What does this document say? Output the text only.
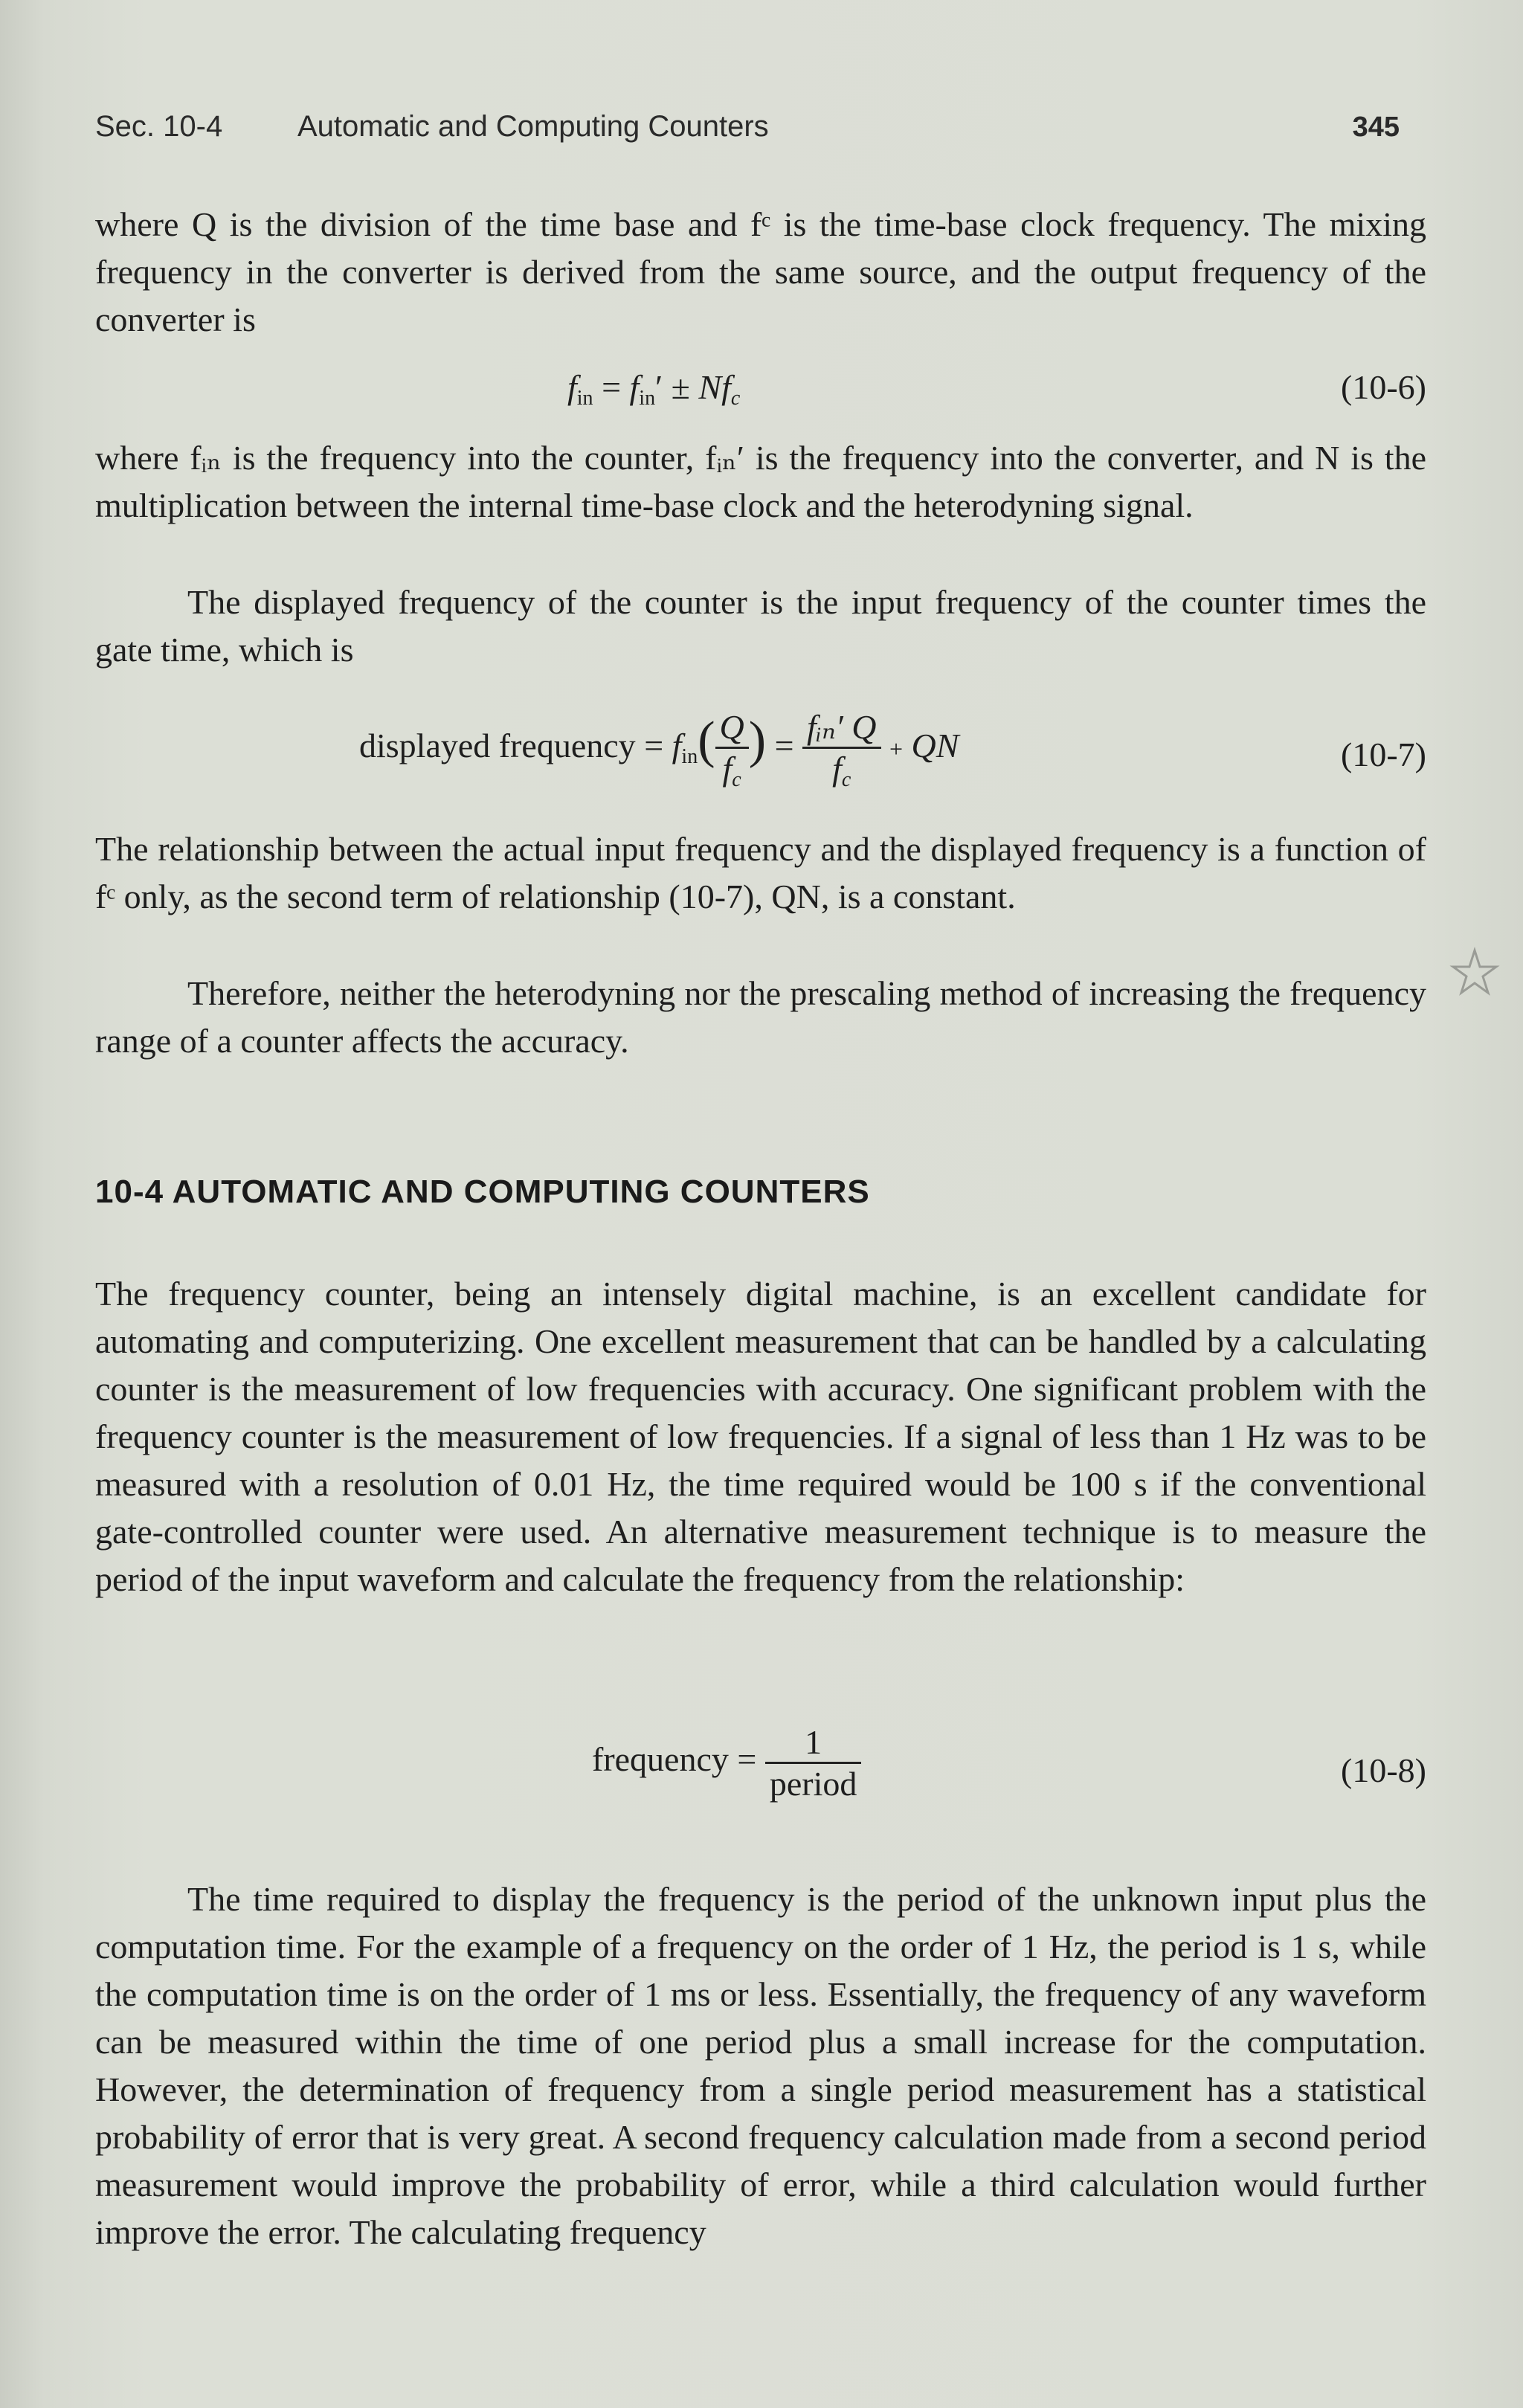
Sec. 10-4	Automatic and Computing Counters	345

where Q is the division of the time base and fᶜ is the time-base clock frequency. The mixing frequency in the converter is derived from the same source, and the output frequency of the converter is

$f_{in} = f_{in}' \pm Nf_c$	(10-6)

where fᵢₙ is the frequency into the counter, fᵢₙ′ is the frequency into the converter, and N is the multiplication between the internal time-base clock and the heterodyning signal.

The displayed frequency of the counter is the input frequency of the counter times the gate time, which is

displayed frequency = $f_{in}( \frac{Q}{f_c}$ ) = $\frac{\text{fᵢₙ′ Q}}{f_c}$ + QN	(10-7)

The relationship between the actual input frequency and the displayed frequency is a function of fᶜ only, as the second term of relationship (10-7), QN, is a constant.

Therefore, neither the heterodyning nor the prescaling method of increasing the frequency range of a counter affects the accuracy.

10-4 AUTOMATIC AND COMPUTING COUNTERS

The frequency counter, being an intensely digital machine, is an excellent candidate for automating and computerizing. One excellent measurement that can be handled by a calculating counter is the measurement of low frequencies with accuracy. One significant problem with the frequency counter is the measurement of low frequencies. If a signal of less than 1 Hz was to be measured with a resolution of 0.01 Hz, the time required would be 100 s if the conventional gate-controlled counter were used. An alternative measurement technique is to measure the period of the input waveform and calculate the frequency from the relationship:

frequency = $\frac{1}{\text{period}}$	(10-8)

The time required to display the frequency is the period of the unknown input plus the computation time. For the example of a frequency on the order of 1 Hz, the period is 1 s, while the computation time is on the order of 1 ms or less. Essentially, the frequency of any waveform can be measured within the time of one period plus a small increase for the computation. However, the determination of frequency from a single period measurement has a statistical probability of error that is very great. A second frequency calculation made from a second period measurement would improve the probability of error, while a third calculation would further improve the error. The calculating frequency
